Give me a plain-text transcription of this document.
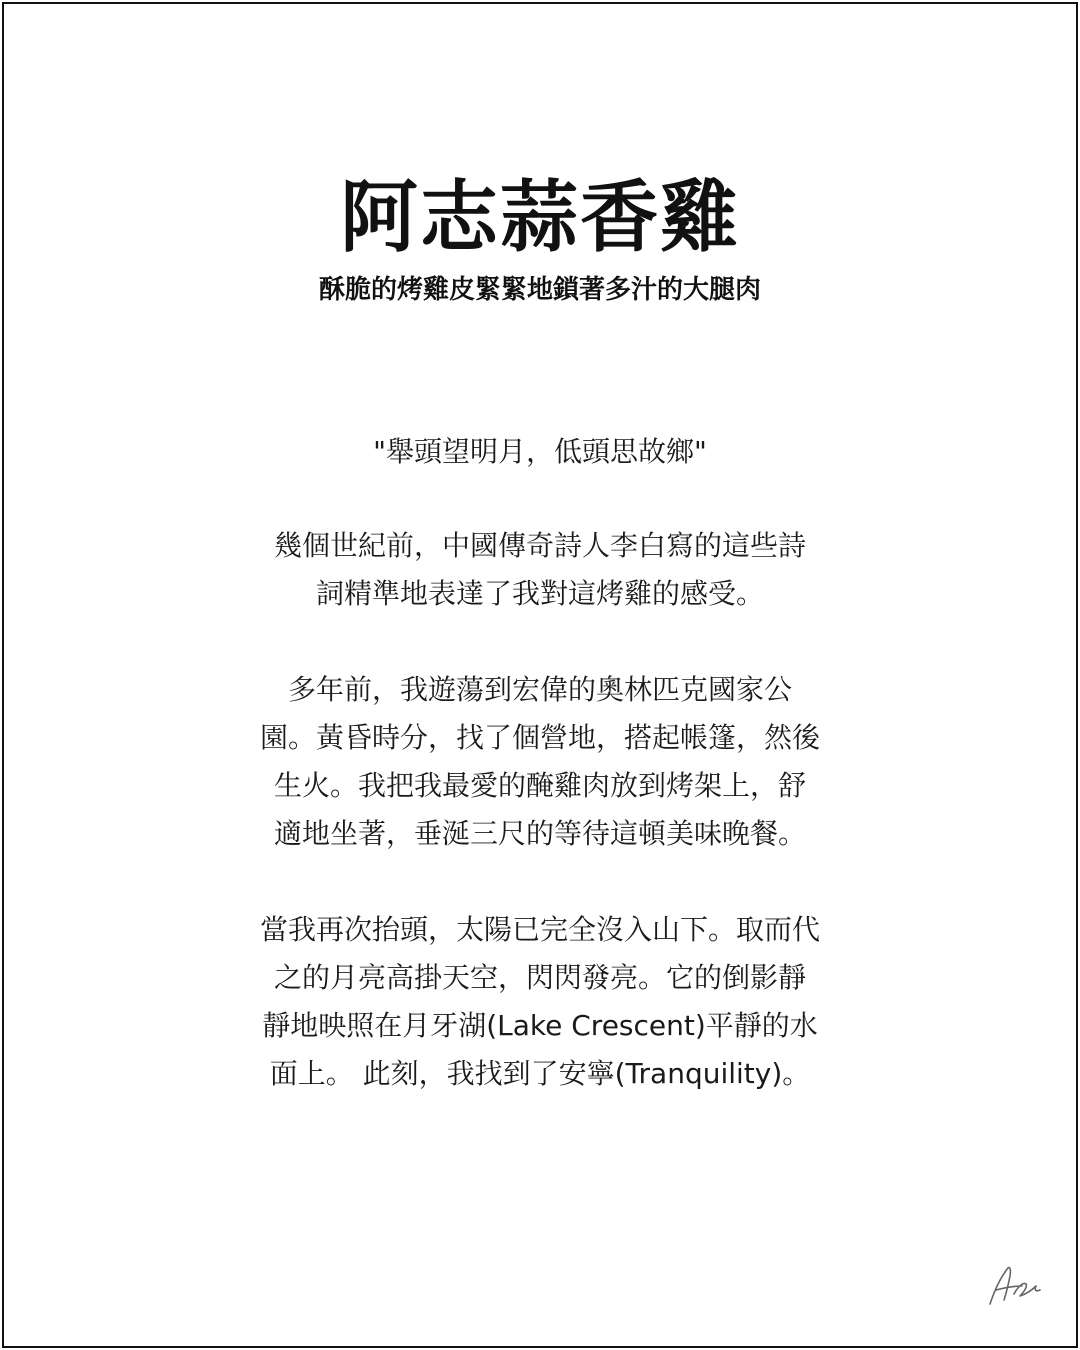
阿志蒜香雞
酥脆的烤雞皮緊緊地鎖著多汁的大腿肉
"舉頭望明月，低頭思故鄉"
幾個世紀前，中國傳奇詩人李白寫的這些詩
詞精準地表達了我對這烤雞的感受。
多年前，我遊蕩到宏偉的奧林匹克國家公
園。黃昏時分，找了個營地，搭起帳篷，然後
生火。我把我最愛的醃雞肉放到烤架上，舒
適地坐著，垂涎三尺的等待這頓美味晚餐。
當我再次抬頭，太陽已完全沒入山下。取而代
之的月亮高掛天空，閃閃發亮。它的倒影靜
靜地映照在月牙湖(Lake Crescent)平靜的水
面上。 此刻，我找到了安寧(Tranquility)。
